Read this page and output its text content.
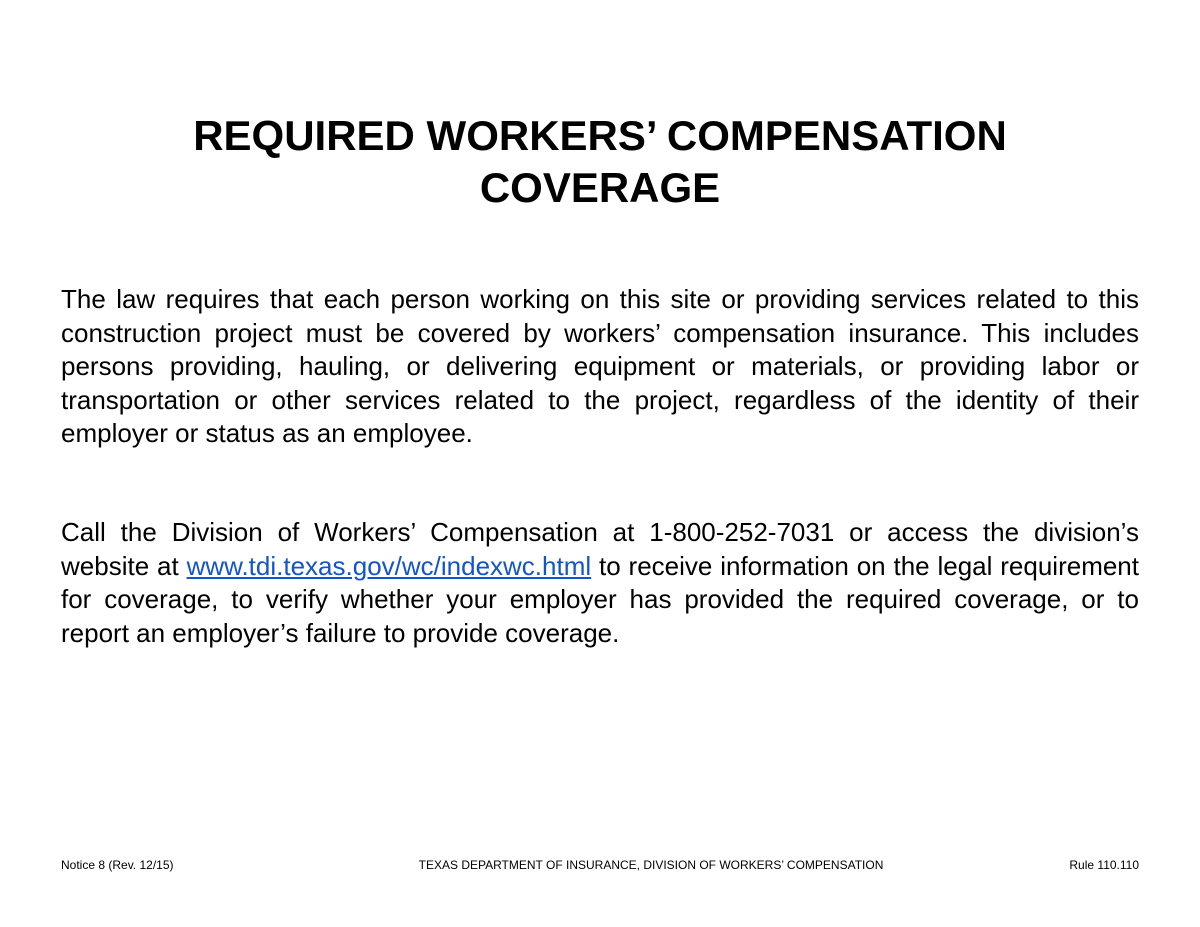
REQUIRED WORKERS’ COMPENSATION
COVERAGE

The law requires that each person working on this site or providing services related to this construction project must be covered by workers’ compensation insurance. This includes persons providing, hauling, or delivering equipment or materials, or providing labor or transportation or other services related to the project, regardless of the identity of their employer or status as an employee.

Call the Division of Workers’ Compensation at 1-800-252-7031 or access the division’s website at www.tdi.texas.gov/wc/indexwc.html to receive information on the legal requirement for coverage, to verify whether your employer has provided the required coverage, or to report an employer’s failure to provide coverage.

Notice 8 (Rev. 12/15)	TEXAS DEPARTMENT OF INSURANCE, DIVISION OF WORKERS’ COMPENSATION	Rule 110.110
